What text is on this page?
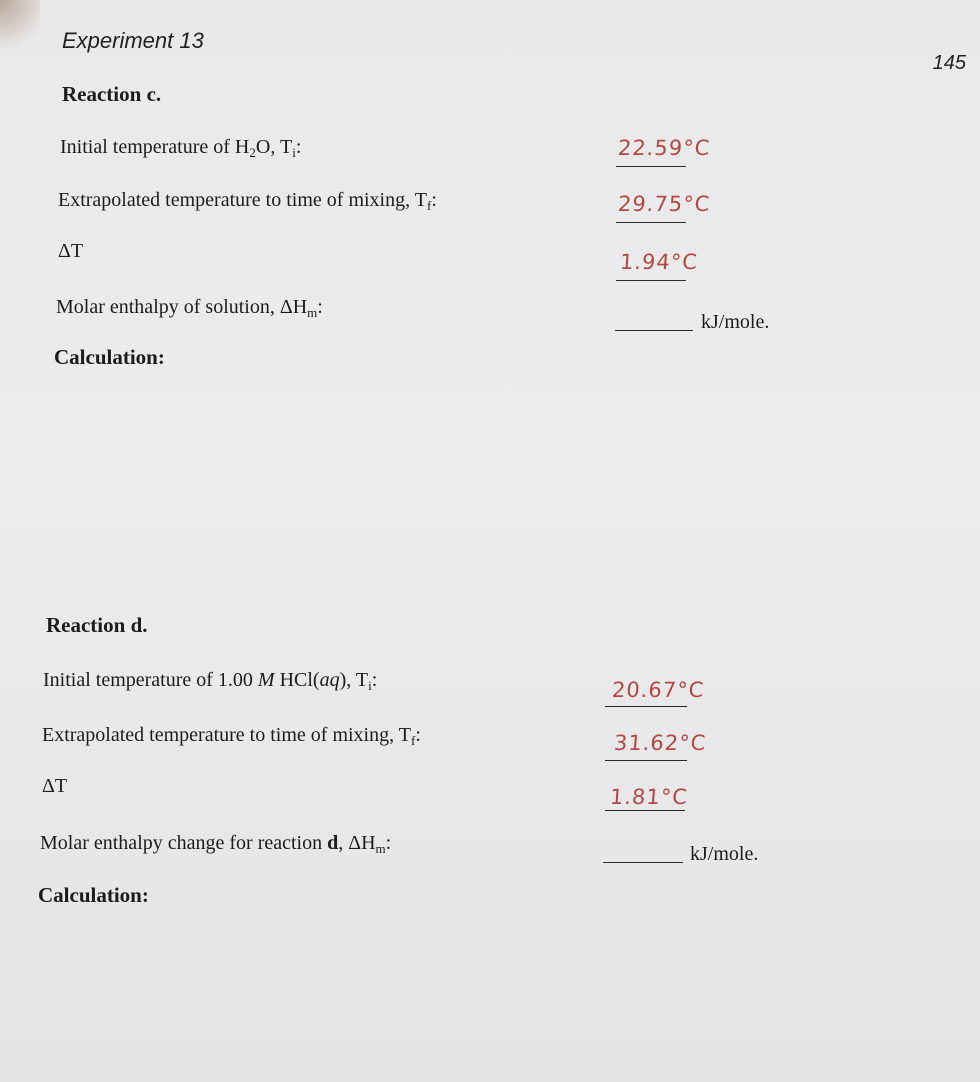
Experiment 13
145
Reaction c.
Initial temperature of $H_2O$, $T_i$:	22.59°C
Extrapolated temperature to time of mixing, $T_f$:	29.75°C
ΔT	1.94°C
Molar enthalpy of solution, $\Delta H_m$:
kJ/mole.
Calculation:
Reaction d.
Initial temperature of 1.00 M HCl(aq), $T_i$:	20.67°C
Extrapolated temperature to time of mixing, $T_f$:	31.62°C
ΔT	1.81°C
Molar enthalpy change for reaction d, $\Delta H_m$:	kJ/mole.
Calculation:
